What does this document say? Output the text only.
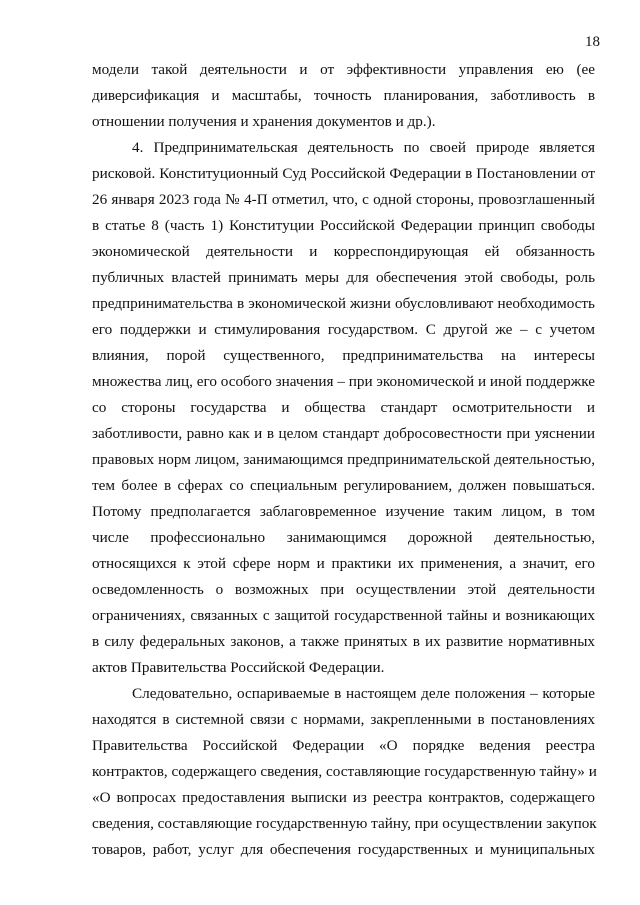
18
модели такой деятельности и от эффективности управления ею (ее
диверсификация и масштабы, точность планирования, заботливость в
отношении получения и хранения документов и др.).
4. Предпринимательская деятельность по своей природе является
рисковой. Конституционный Суд Российской Федерации в Постановлении от
26 января 2023 года № 4-П отметил, что, с одной стороны, провозглашенный
в статье 8 (часть 1) Конституции Российской Федерации принцип свободы
экономической деятельности и корреспондирующая ей обязанность
публичных властей принимать меры для обеспечения этой свободы, роль
предпринимательства в экономической жизни обусловливают необходимость
его поддержки и стимулирования государством. С другой же – с учетом
влияния, порой существенного, предпринимательства на интересы
множества лиц, его особого значения – при экономической и иной поддержке
со стороны государства и общества стандарт осмотрительности и
заботливости, равно как и в целом стандарт добросовестности при уяснении
правовых норм лицом, занимающимся предпринимательской деятельностью,
тем более в сферах со специальным регулированием, должен повышаться.
Потому предполагается заблаговременное изучение таким лицом, в том
числе профессионально занимающимся дорожной деятельностью,
относящихся к этой сфере норм и практики их применения, а значит, его
осведомленность о возможных при осуществлении этой деятельности
ограничениях, связанных с защитой государственной тайны и возникающих
в силу федеральных законов, а также принятых в их развитие нормативных
актов Правительства Российской Федерации.
Следовательно, оспариваемые в настоящем деле положения – которые
находятся в системной связи с нормами, закрепленными в постановлениях
Правительства Российской Федерации «О порядке ведения реестра
контрактов, содержащего сведения, составляющие государственную тайну» и
«О вопросах предоставления выписки из реестра контрактов, содержащего
сведения, составляющие государственную тайну, при осуществлении закупок
товаров, работ, услуг для обеспечения государственных и муниципальных
